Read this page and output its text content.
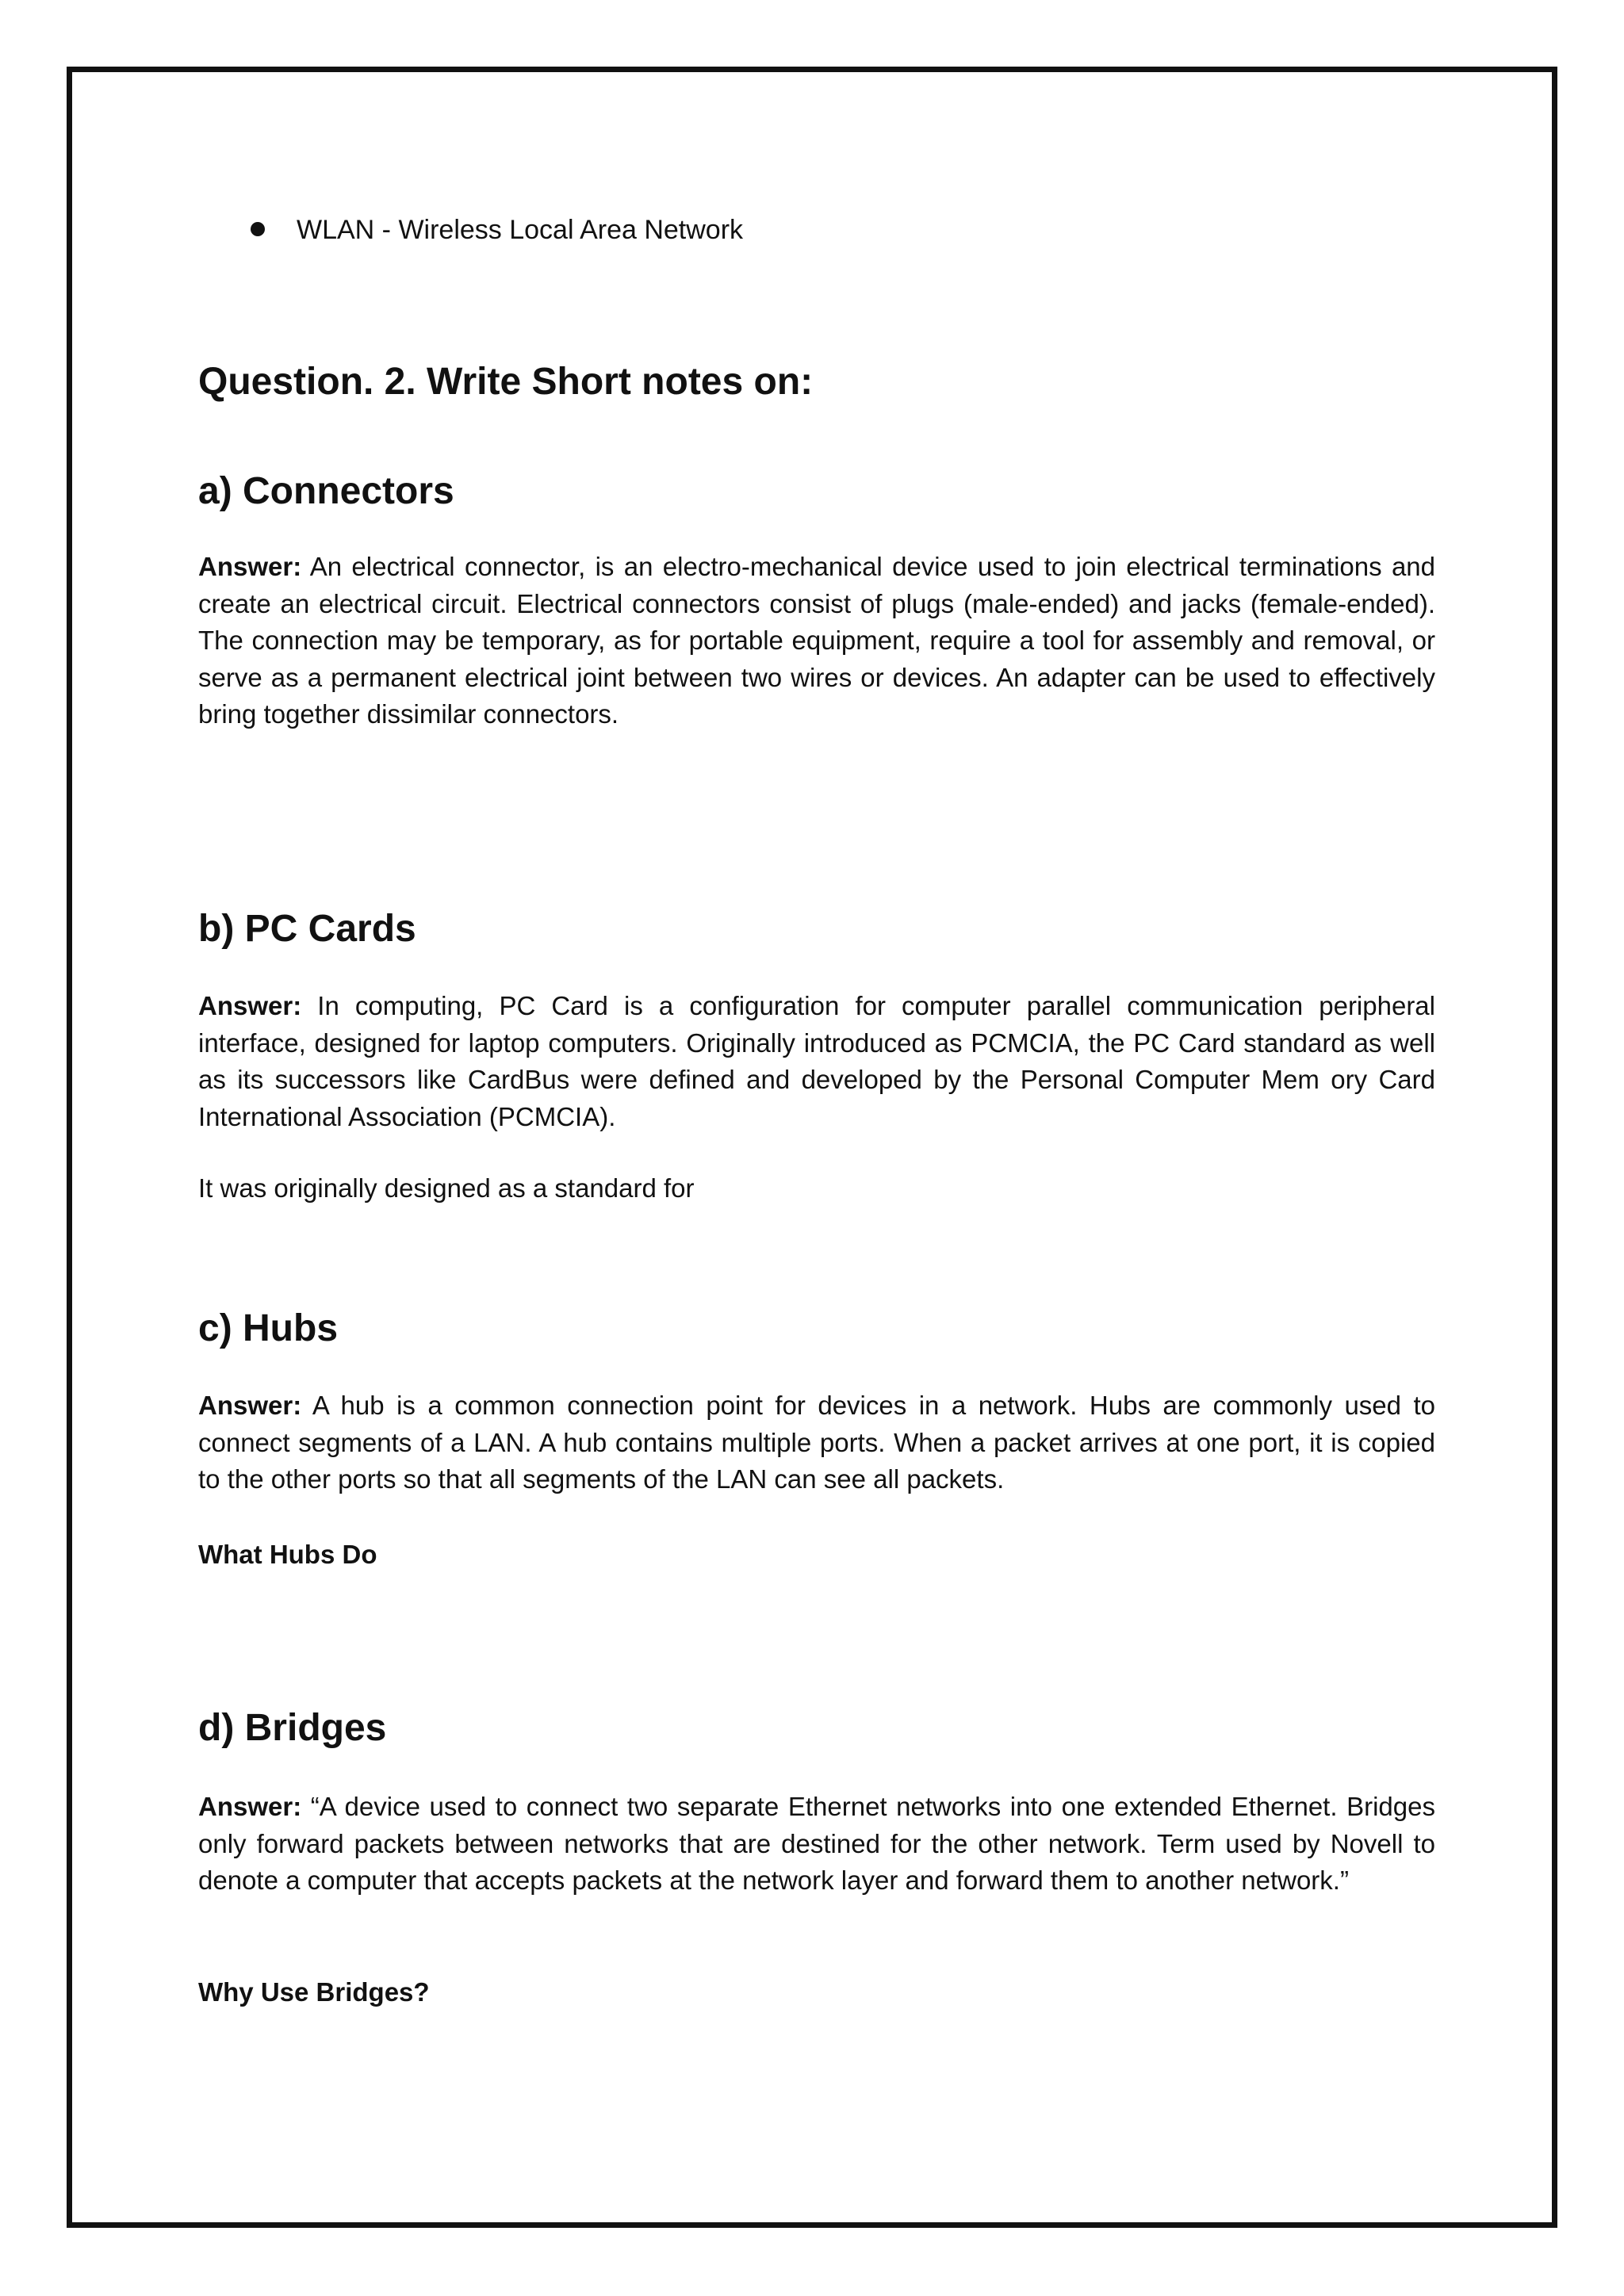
WLAN - Wireless Local Area Network
Question. 2. Write Short notes on:
a) Connectors
Answer: An electrical connector, is an electro-mechanical device used to join electrical terminations and create an electrical circuit. Electrical connectors consist of plugs (male-ended) and jacks (female-ended). The connection may be temporary, as for portable equipment, require a tool for assembly and removal, or serve as a permanent electrical joint between two wires or devices. An adapter can be used to effectively bring together dissimilar connectors.
b) PC Cards
Answer: In computing, PC Card is a configuration for computer parallel communication peripheral interface, designed for laptop computers. Originally introduced as PCMCIA, the PC Card standard as well as its successors like CardBus were defined and developed by the Personal Computer Mem ory Card International Association (PCMCIA).
It was originally designed as a standard for
c) Hubs
Answer: A hub is a common connection point for devices in a network. Hubs are commonly used to connect segments of a LAN. A hub contains multiple ports. When a packet arrives at one port, it is copied to the other ports so that all segments of the LAN can see all packets.
What Hubs Do
d) Bridges
Answer: “A device used to connect two separate Ethernet networks into one extended Ethernet. Bridges only forward packets between networks that are destined for the other network. Term used by Novell to denote a computer that accepts packets at the network layer and forward them to another network.”
Why Use Bridges?
